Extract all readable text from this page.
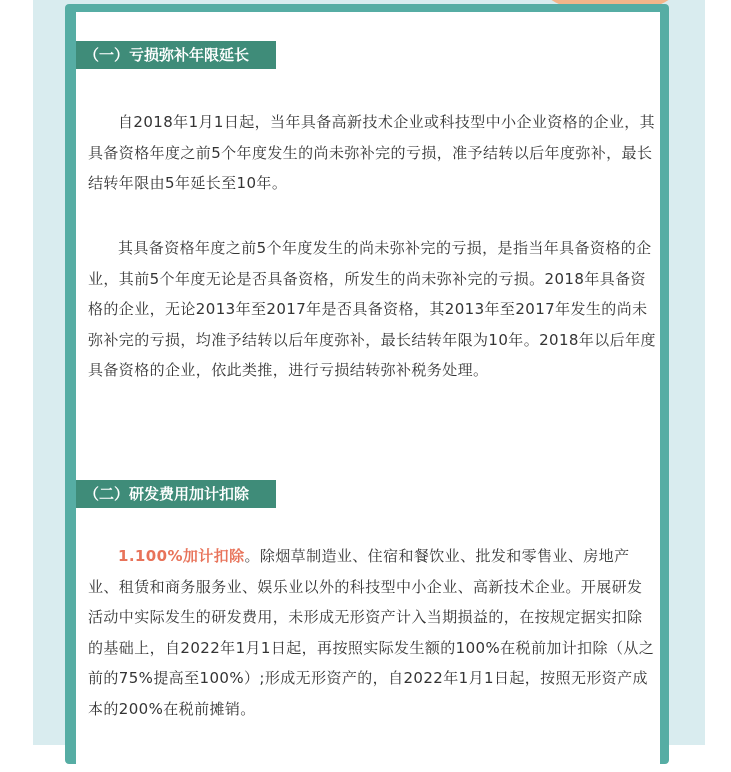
（一）亏损弥补年限延长

自2018年1月1日起，当年具备高新技术企业或科技型中小企业资格的企业，其具备资格年度之前5个年度发生的尚未弥补完的亏损，准予结转以后年度弥补，最长结转年限由5年延长至10年。

其具备资格年度之前5个年度发生的尚未弥补完的亏损，是指当年具备资格的企业，其前5个年度无论是否具备资格，所发生的尚未弥补完的亏损。2018年具备资格的企业，无论2013年至2017年是否具备资格，其2013年至2017年发生的尚未弥补完的亏损，均准予结转以后年度弥补，最长结转年限为10年。2018年以后年度具备资格的企业，依此类推，进行亏损结转弥补税务处理。

（二）研发费用加计扣除

1.100%加计扣除。除烟草制造业、住宿和餐饮业、批发和零售业、房地产业、租赁和商务服务业、娱乐业以外的科技型中小企业、高新技术企业。开展研发活动中实际发生的研发费用，未形成无形资产计入当期损益的，在按规定据实扣除的基础上，自2022年1月1日起，再按照实际发生额的100%在税前加计扣除（从之前的75%提高至100%）;形成无形资产的，自2022年1月1日起，按照无形资产成本的200%在税前摊销。
